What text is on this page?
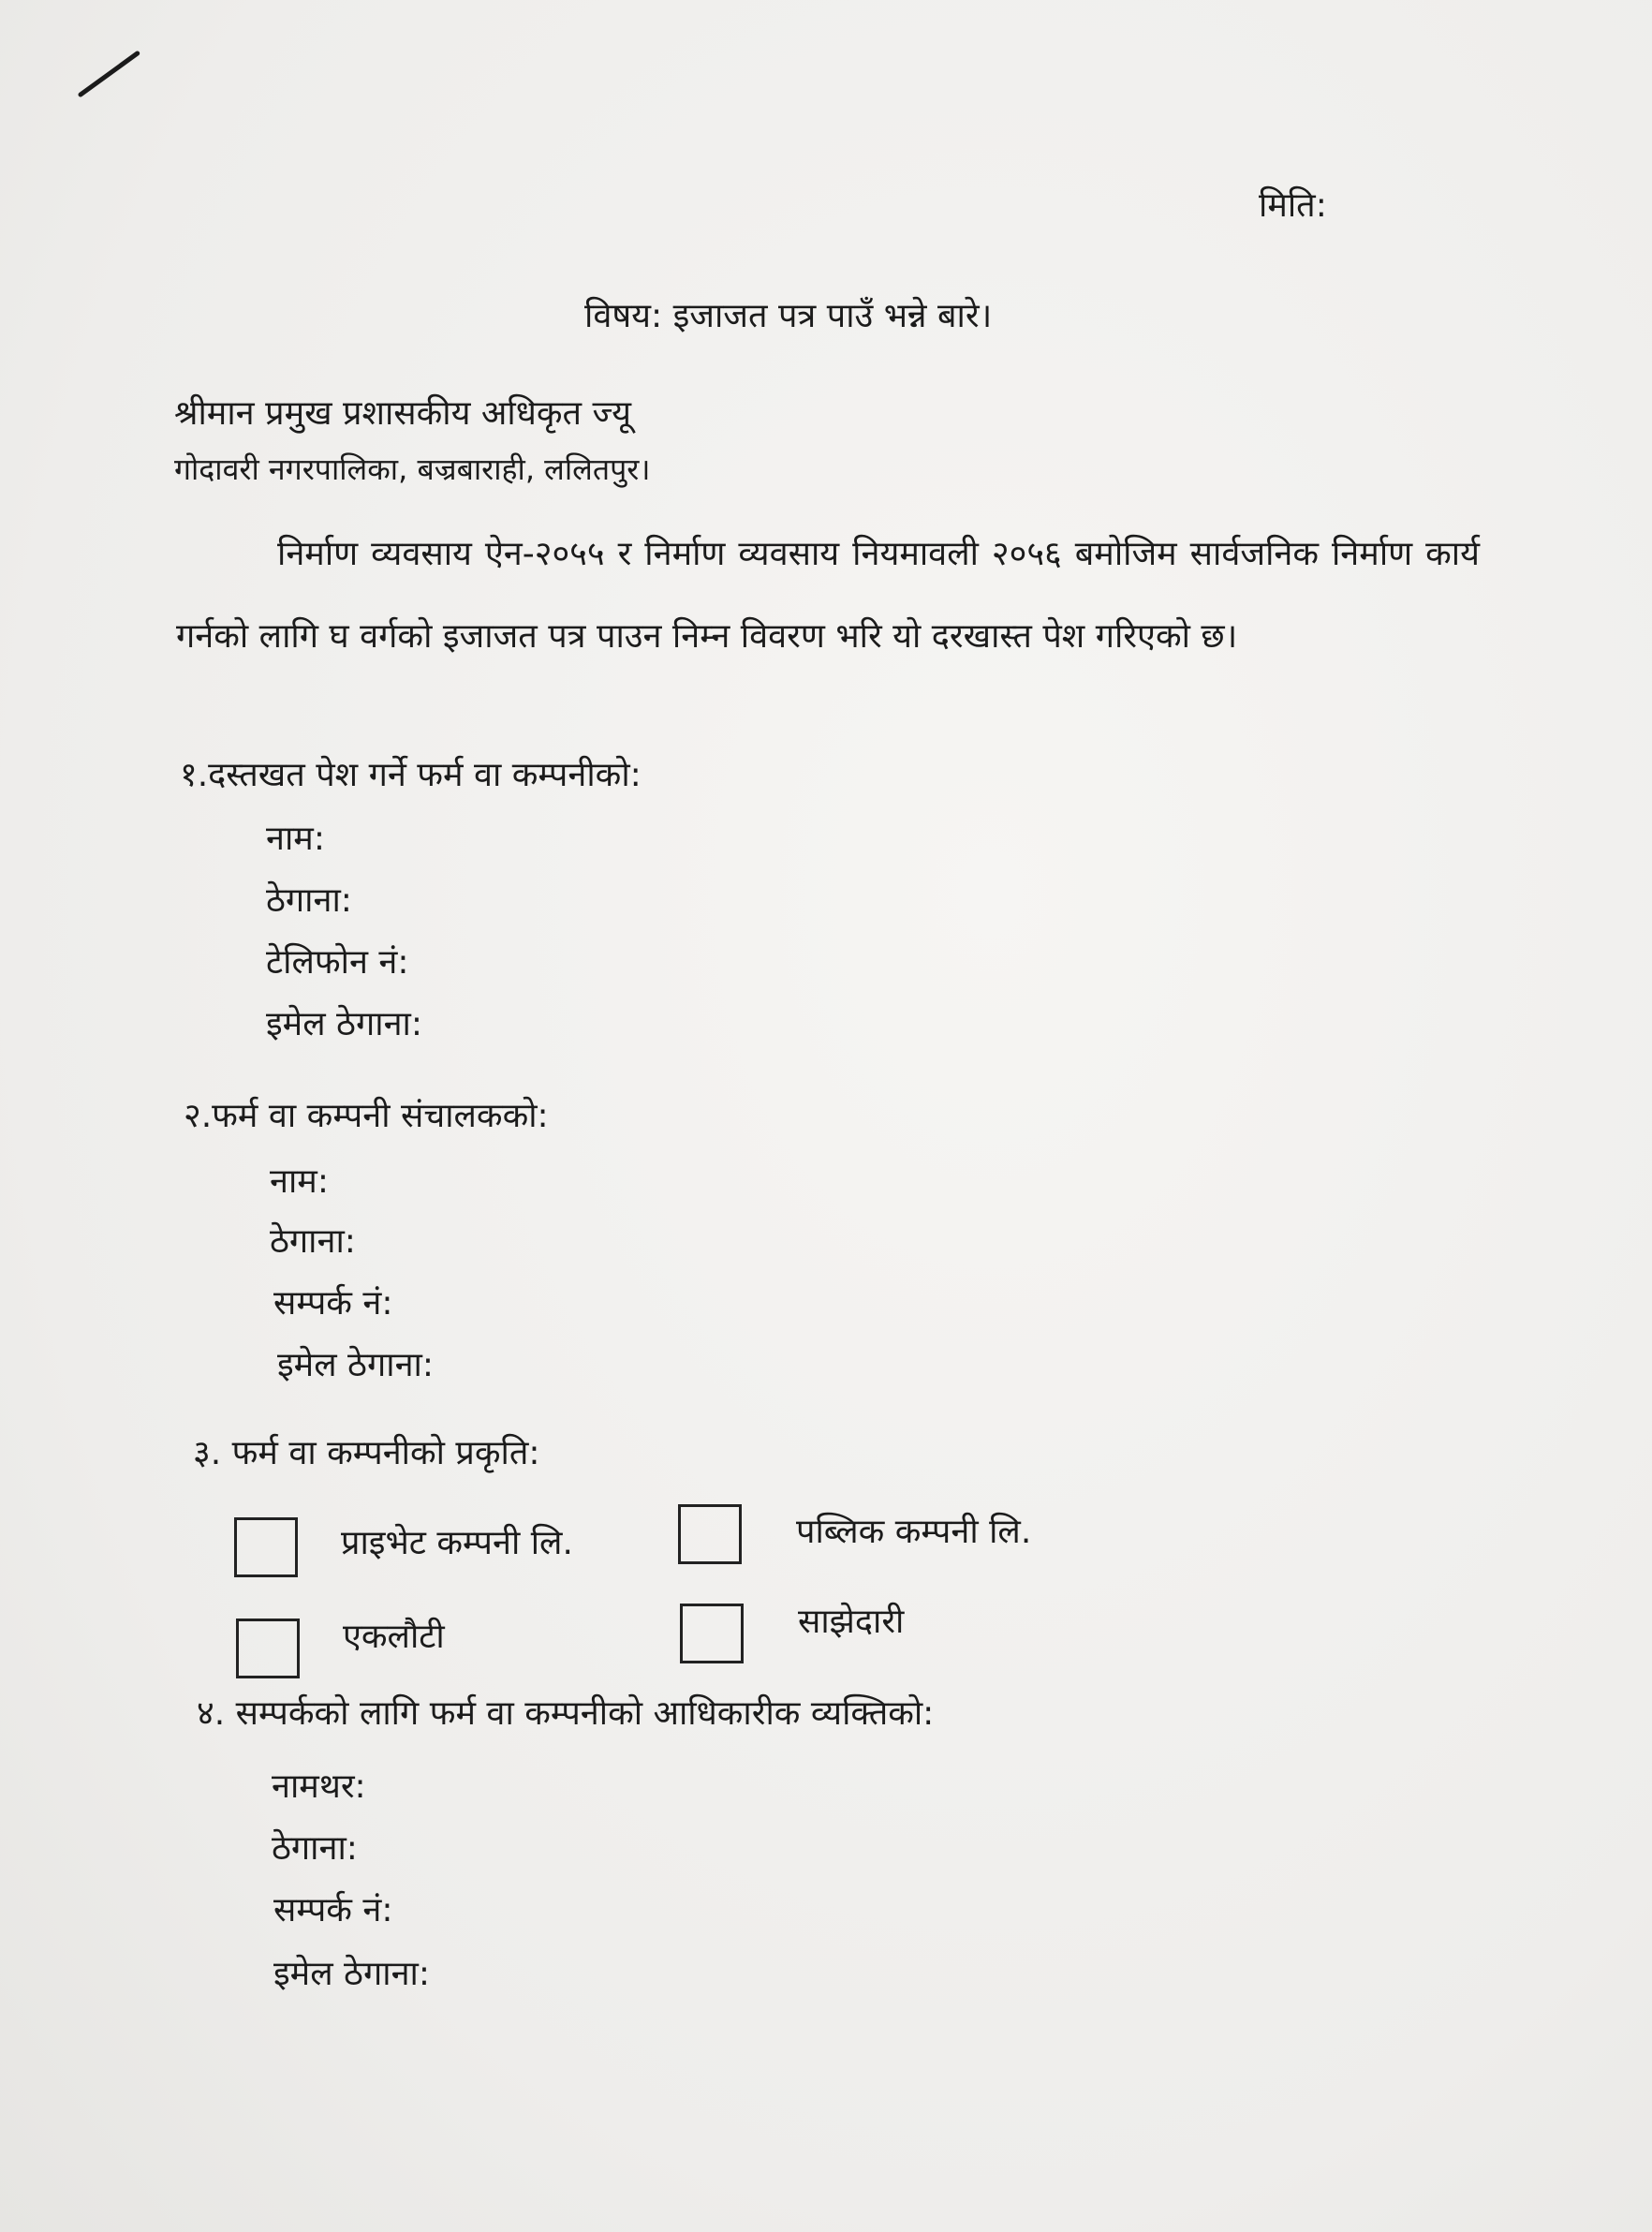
मिति:
विषय: इजाजत पत्र पाउँ भन्ने बारे।
श्रीमान प्रमुख प्रशासकीय अधिकृत ज्यू
गोदावरी नगरपालिका, बज्रबाराही, ललितपुर।
निर्माण व्यवसाय ऐन-२०५५ र निर्माण व्यवसाय नियमावली २०५६ बमोजिम सार्वजनिक निर्माण कार्य गर्नको लागि घ वर्गको इजाजत पत्र पाउन निम्न विवरण भरि यो दरखास्त पेश गरिएको छ।
१.दस्तखत पेश गर्ने फर्म वा कम्पनीको:
नाम:
ठेगाना:
टेलिफोन नं:
इमेल ठेगाना:
२.फर्म वा कम्पनी संचालकको:
नाम:
ठेगाना:
सम्पर्क नं:
इमेल ठेगाना:
३. फर्म वा कम्पनीको प्रकृति:
प्राइभेट कम्पनी लि.	पब्लिक कम्पनी लि.
एकलौटी	साझेदारी
४. सम्पर्कको लागि फर्म वा कम्पनीको आधिकारीक व्यक्तिको:
नामथर:
ठेगाना:
सम्पर्क नं:
इमेल ठेगाना:
